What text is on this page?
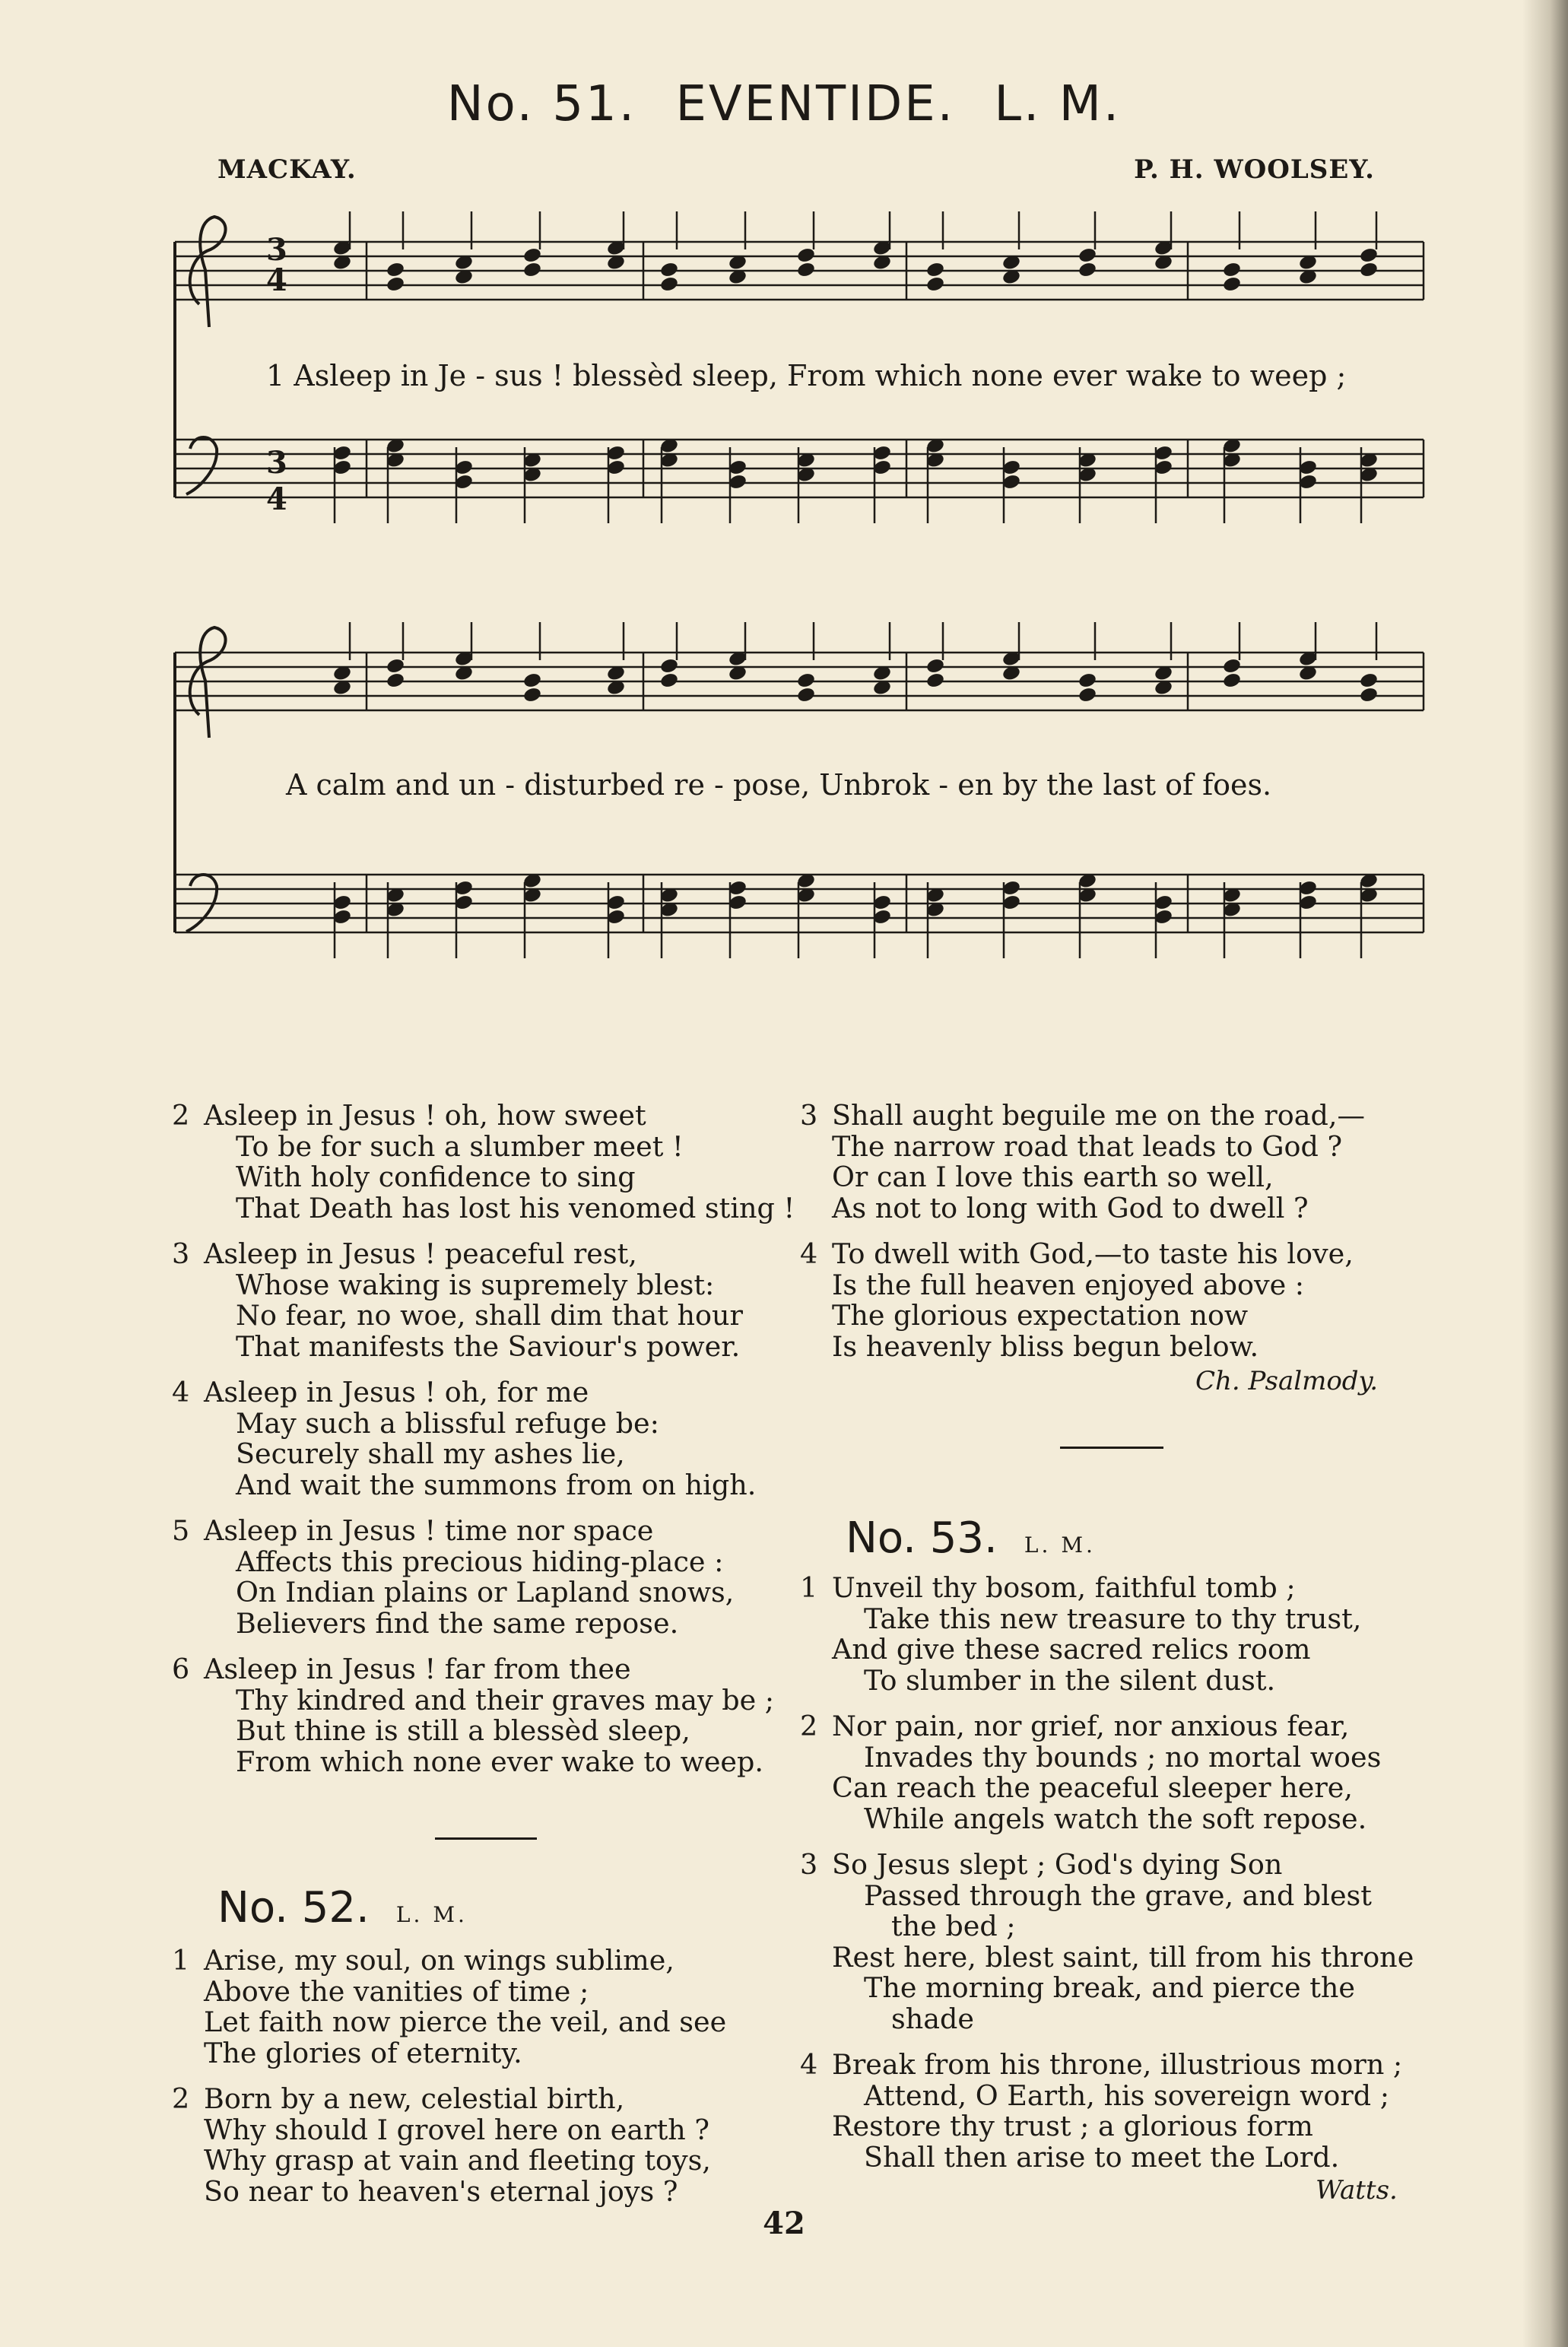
No. 51. EVENTIDE. L. M.
MACKAY.	P. H. WOOLSEY.
3
4
3
4
1 Asleep in Je - sus ! blessèd sleep, From which none ever wake to weep ;
A calm and un - disturbed re - pose, Unbrok - en by the last of foes.
2 Asleep in Jesus ! oh, how sweet
To be for such a slumber meet !
With holy confidence to sing
That Death has lost his venomed sting !
3 Asleep in Jesus ! peaceful rest,
Whose waking is supremely blest:
No fear, no woe, shall dim that hour
That manifests the Saviour's power.
4 Asleep in Jesus ! oh, for me
May such a blissful refuge be:
Securely shall my ashes lie,
And wait the summons from on high.
5 Asleep in Jesus ! time nor space
Affects this precious hiding-place :
On Indian plains or Lapland snows,
Believers find the same repose.
6 Asleep in Jesus ! far from thee
Thy kindred and their graves may be ;
But thine is still a blessèd sleep,
From which none ever wake to weep.
3 Shall aught beguile me on the road,—
The narrow road that leads to God ?
Or can I love this earth so well,
As not to long with God to dwell ?
4 To dwell with God,—to taste his love,
Is the full heaven enjoyed above :
The glorious expectation now
Is heavenly bliss begun below.
Ch. Psalmody.
No. 53. L. M.
1 Unveil thy bosom, faithful tomb ;
Take this new treasure to thy trust,
And give these sacred relics room
To slumber in the silent dust.
2 Nor pain, nor grief, nor anxious fear,
Invades thy bounds ; no mortal woes
Can reach the peaceful sleeper here,
While angels watch the soft repose.
3 So Jesus slept ; God's dying Son
Passed through the grave, and blest
the bed ;
Rest here, blest saint, till from his throne
The morning break, and pierce the
shade
4 Break from his throne, illustrious morn ;
Attend, O Earth, his sovereign word ;
Restore thy trust ; a glorious form
Shall then arise to meet the Lord.
Watts.
No. 52. L. M.
1 Arise, my soul, on wings sublime,
Above the vanities of time ;
Let faith now pierce the veil, and see
The glories of eternity.
2 Born by a new, celestial birth,
Why should I grovel here on earth ?
Why grasp at vain and fleeting toys,
So near to heaven's eternal joys ?
42
